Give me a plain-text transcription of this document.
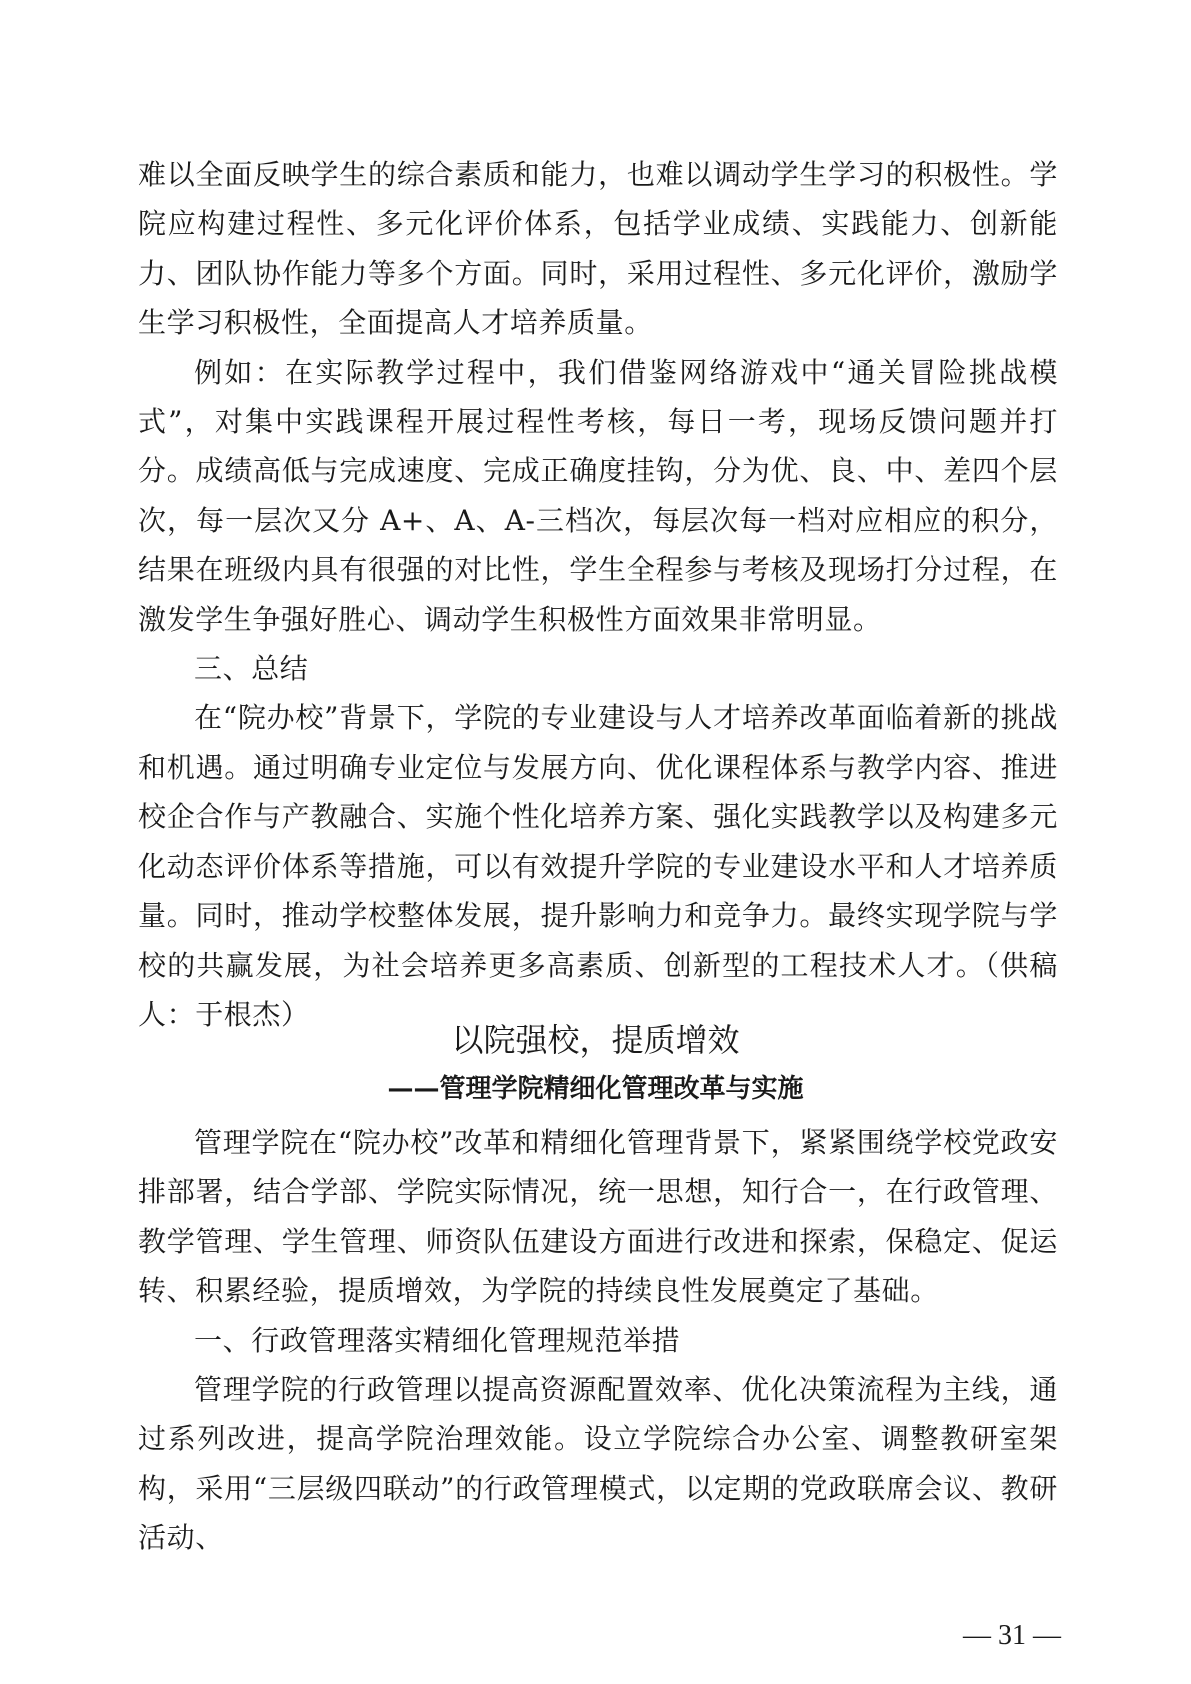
难以全面反映学生的综合素质和能力，也难以调动学生学习的积极性。学院应构建过程性、多元化评价体系，包括学业成绩、实践能力、创新能力、团队协作能力等多个方面。同时，采用过程性、多元化评价，激励学生学习积极性，全面提高人才培养质量。

例如：在实际教学过程中，我们借鉴网络游戏中“通关冒险挑战模式”，对集中实践课程开展过程性考核，每日一考，现场反馈问题并打分。成绩高低与完成速度、完成正确度挂钩，分为优、良、中、差四个层次，每一层次又分 A+、A、A-三档次，每层次每一档对应相应的积分，结果在班级内具有很强的对比性，学生全程参与考核及现场打分过程，在激发学生争强好胜心、调动学生积极性方面效果非常明显。

三、总结

在“院办校”背景下，学院的专业建设与人才培养改革面临着新的挑战和机遇。通过明确专业定位与发展方向、优化课程体系与教学内容、推进校企合作与产教融合、实施个性化培养方案、强化实践教学以及构建多元化动态评价体系等措施，可以有效提升学院的专业建设水平和人才培养质量。同时，推动学校整体发展，提升影响力和竞争力。最终实现学院与学校的共赢发展，为社会培养更多高素质、创新型的工程技术人才。（供稿人：于根杰）

以院强校，提质增效
——管理学院精细化管理改革与实施

管理学院在“院办校”改革和精细化管理背景下，紧紧围绕学校党政安排部署，结合学部、学院实际情况，统一思想，知行合一，在行政管理、教学管理、学生管理、师资队伍建设方面进行改进和探索，保稳定、促运转、积累经验，提质增效，为学院的持续良性发展奠定了基础。

一、行政管理落实精细化管理规范举措

管理学院的行政管理以提高资源配置效率、优化决策流程为主线，通过系列改进，提高学院治理效能。设立学院综合办公室、调整教研室架构，采用“三层级四联动”的行政管理模式，以定期的党政联席会议、教研活动、

— 31 —
